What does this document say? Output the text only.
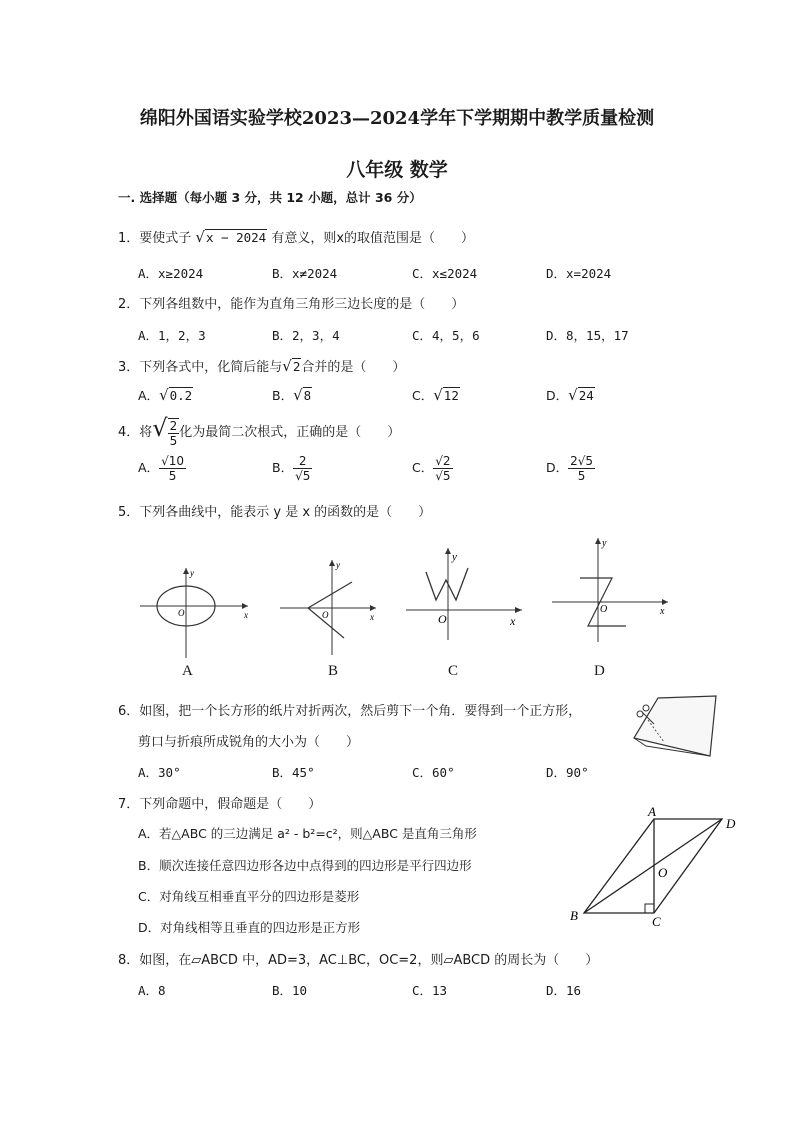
绵阳外国语实验学校2023—2024学年下学期期中教学质量检测
八年级 数学
一. 选择题（每小题 3 分，共 12 小题，总计 36 分）
1．要使式子 √x − 2024 有意义，则x的取值范围是（　　）
A．x≥2024	B．x≠2024	C．x≤2024	D．x=2024
2．下列各组数中，能作为直角三角形三边长度的是（　　）
A．1，2，3	B．2，3，4	C．4，5，6	D．8，15，17
3．下列各式中，化简后能与√2合并的是（　　）
A．√0.2	B．√8	C．√12	D．√24
4．将√ $\frac{2}{5}$ 化为最简二次根式，正确的是（　　）
A． $\frac{√10}{5}$	B． $\frac{2}{√5}$	C． $\frac{√2}{√5}$	D． $\frac{2√5}{5}$
5．下列各曲线中，能表示 y 是 x 的函数的是（　　）
x
y
O	x
y
O	x
y
O
x
y
O
A	B	C	D
6．如图，把一个长方形的纸片对折两次，然后剪下一个角．要得到一个正方形，
剪口与折痕所成锐角的大小为（　　）
A．30°	B．45°	C．60°	D．90°
7．下列命题中，假命题是（　　）
A．若△ABC 的三边满足 a² - b²=c²，则△ABC 是直角三角形
B．顺次连接任意四边形各边中点得到的四边形是平行四边形
C．对角线互相垂直平分的四边形是菱形
D．对角线相等且垂直的四边形是正方形
A
D
O
B	C
8．如图，在▱ABCD 中，AD=3，AC⊥BC，OC=2，则▱ABCD 的周长为（　　）
A．8	B．10	C．13	D．16
